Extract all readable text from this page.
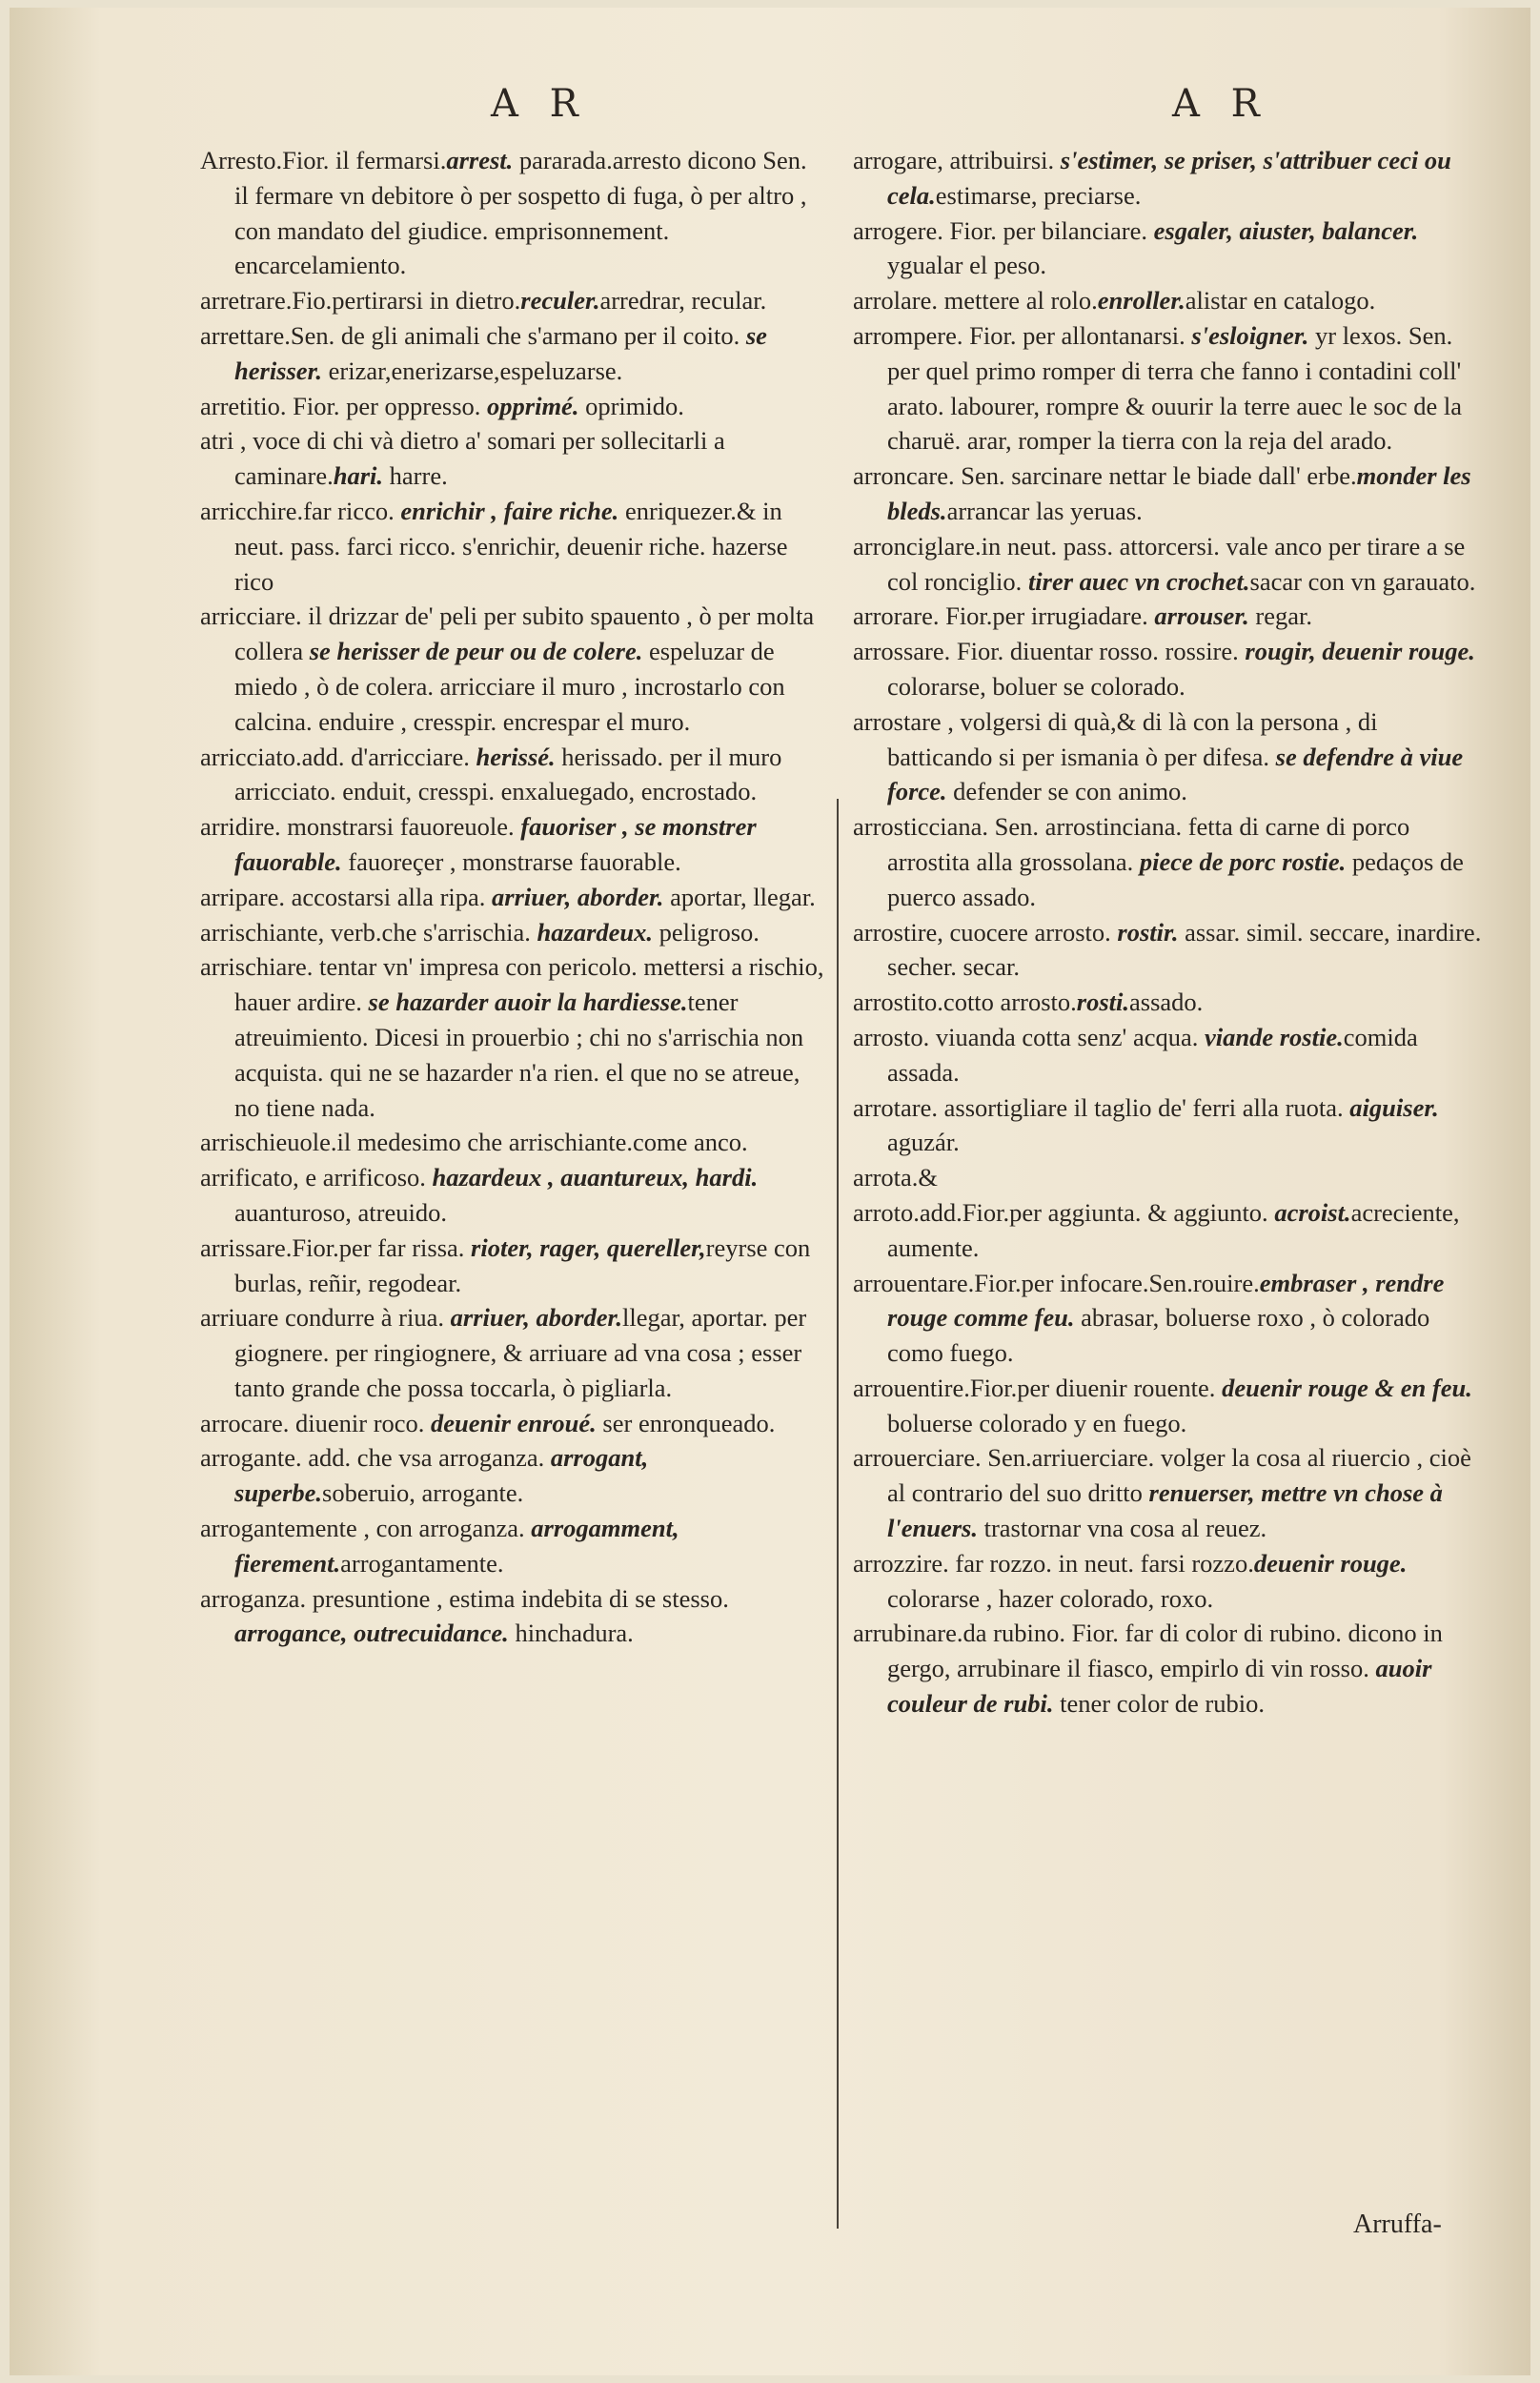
A R	A R

Arresto.Fior. il fermarsi.arrest. pararada.arresto dicono Sen. il fermare vn debitore ò per sospetto di fuga, ò per altro , con mandato del giudice. emprisonnement. encarcelamiento.

arretrare.Fio.pertirarsi in dietro.reculer.arredrar, recular.

arrettare.Sen. de gli animali che s'armano per il coito. se herisser. erizar,enerizarse,espeluzarse.

arretitio. Fior. per oppresso. opprimé. oprimido.

atri , voce di chi và dietro a' somari per sollecitarli a caminare.hari. harre.

arricchire.far ricco. enrichir , faire riche. enriquezer.& in neut. pass. farci ricco. s'enrichir, deuenir riche. hazerse rico

arricciare. il drizzar de' peli per subito spauento , ò per molta collera se herisser de peur ou de colere. espeluzar de miedo , ò de colera. arricciare il muro , incrostarlo con calcina. enduire , cresspir. encrespar el muro.

arricciato.add. d'arricciare. herissé. herissado. per il muro arricciato. enduit, cresspi. enxaluegado, encrostado.

arridire. monstrarsi fauoreuole. fauoriser , se monstrer fauorable. fauoreçer , monstrarse fauorable.

arripare. accostarsi alla ripa. arriuer, aborder. aportar, llegar.

arrischiante, verb.che s'arrischia. hazardeux. peligroso.

arrischiare. tentar vn' impresa con pericolo. mettersi a rischio, hauer ardire. se hazarder auoir la hardiesse.tener atreuimiento. Dicesi in prouerbio ; chi no s'arrischia non acquista. qui ne se hazarder n'a rien. el que no se atreue, no tiene nada.

arrischieuole.il medesimo che arrischiante.come anco.

arrificato, e arrificoso. hazardeux , auantureux, hardi. auanturoso, atreuido.

arrissare.Fior.per far rissa. rioter, rager, quereller,reyrse con burlas, reñir, regodear.

arriuare condurre à riua. arriuer, aborder.llegar, aportar. per giognere. per ringiognere, & arriuare ad vna cosa ; esser tanto grande che possa toccarla, ò pigliarla.

arrocare. diuenir roco. deuenir enroué. ser enronqueado.

arrogante. add. che vsa arroganza. arrogant, superbe.soberuio, arrogante.

arrogantemente , con arroganza. arrogamment, fierement.arrogantamente.

arroganza. presuntione , estima indebita di se stesso. arrogance, outrecuidance. hinchadura.

arrogare, attribuirsi. s'estimer, se priser, s'attribuer ceci ou cela.estimarse, preciarse.

arrogere. Fior. per bilanciare. esgaler, aiuster, balancer. ygualar el peso.

arrolare. mettere al rolo.enroller.alistar en catalogo.

arrompere. Fior. per allontanarsi. s'esloigner. yr lexos. Sen. per quel primo romper di terra che fanno i contadini coll' arato. labourer, rompre & ouurir la terre auec le soc de la charuë. arar, romper la tierra con la reja del arado.

arroncare. Sen. sarcinare nettar le biade dall' erbe.monder les bleds.arrancar las yeruas.

arronciglare.in neut. pass. attorcersi. vale anco per tirare a se col ronciglio. tirer auec vn crochet.sacar con vn garauato.

arrorare. Fior.per irrugiadare. arrouser. regar.

arrossare. Fior. diuentar rosso. rossire. rougir, deuenir rouge. colorarse, boluer se colorado.

arrostare , volgersi di quà,& di là con la persona , di batticando si per ismania ò per difesa. se defendre à viue force. defender se con animo.

arrosticciana. Sen. arrostinciana. fetta di carne di porco arrostita alla grossolana. piece de porc rostie. pedaços de puerco assado.

arrostire, cuocere arrosto. rostir. assar. simil. seccare, inardire. secher. secar.

arrostito.cotto arrosto.rosti.assado.

arrosto. viuanda cotta senz' acqua. viande rostie.comida assada.

arrotare. assortigliare il taglio de' ferri alla ruota. aiguiser. aguzár.

arrota.&

arroto.add.Fior.per aggiunta. & aggiunto. acroist.acreciente, aumente.

arrouentare.Fior.per infocare.Sen.rouire.embraser , rendre rouge comme feu. abrasar, boluerse roxo , ò colorado como fuego.

arrouentire.Fior.per diuenir rouente. deuenir rouge & en feu. boluerse colorado y en fuego.

arrouerciare. Sen.arriuerciare. volger la cosa al riuercio , cioè al contrario del suo dritto renuerser, mettre vn chose à l'enuers. trastornar vna cosa al reuez.

arrozzire. far rozzo. in neut. farsi rozzo.deuenir rouge. colorarse , hazer colorado, roxo.

arrubinare.da rubino. Fior. far di color di rubino. dicono in gergo, arrubinare il fiasco, empirlo di vin rosso. auoir couleur de rubi. tener color de rubio.

Arruffa-
